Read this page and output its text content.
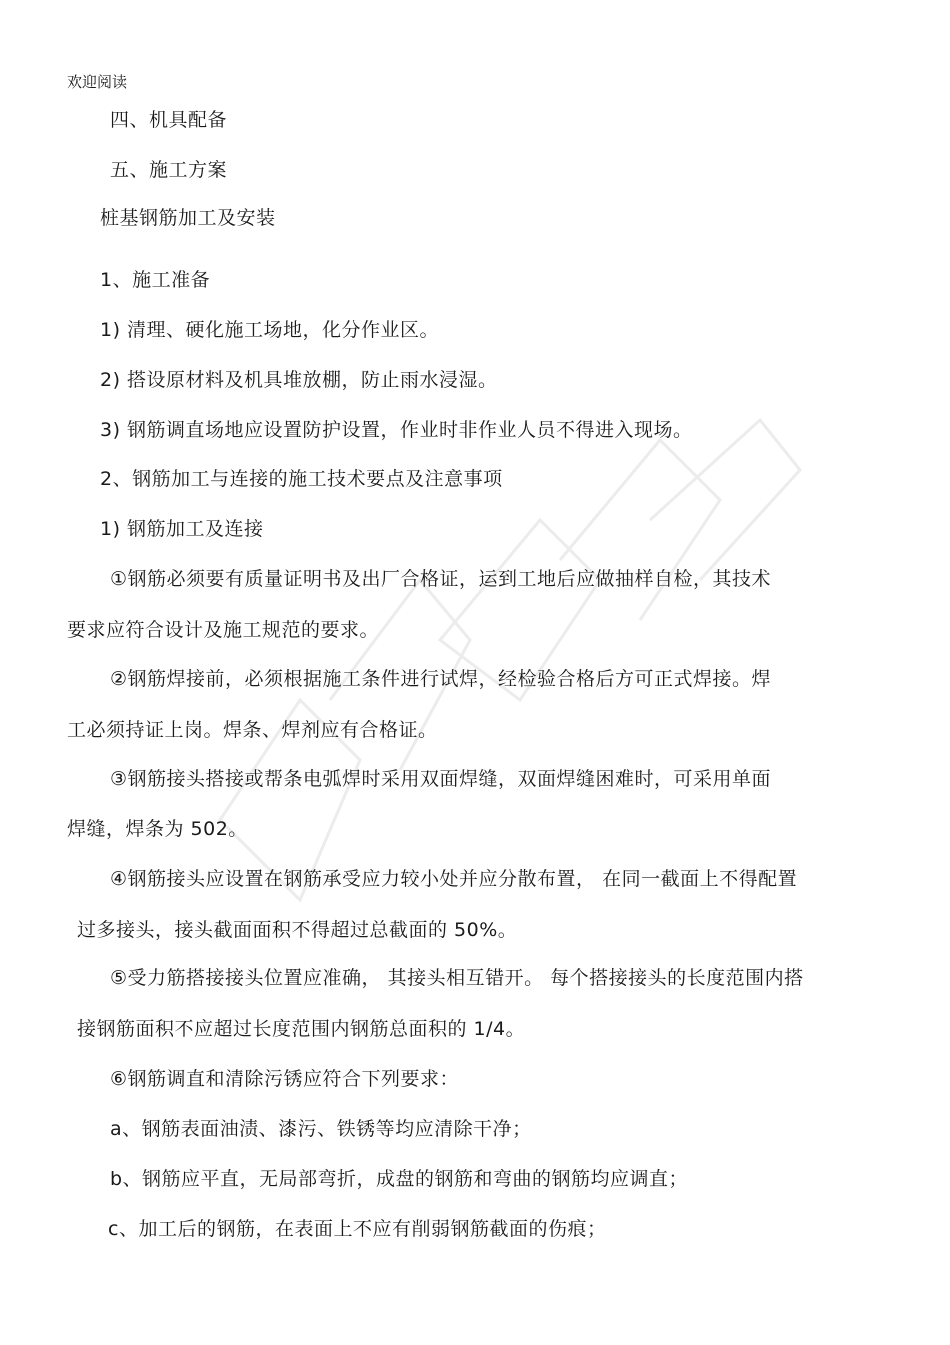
欢迎阅读
四、机具配备
五、施工方案
桩基钢筋加工及安装
1、施工准备
1) 清理、硬化施工场地，化分作业区。
2) 搭设原材料及机具堆放棚，防止雨水浸湿。
3) 钢筋调直场地应设置防护设置，作业时非作业人员不得进入现场。
2、钢筋加工与连接的施工技术要点及注意事项
1) 钢筋加工及连接
①钢筋必须要有质量证明书及出厂合格证，运到工地后应做抽样自检，其技术
要求应符合设计及施工规范的要求。
②钢筋焊接前，必须根据施工条件进行试焊，经检验合格后方可正式焊接。焊
工必须持证上岗。焊条、焊剂应有合格证。
③钢筋接头搭接或帮条电弧焊时采用双面焊缝，双面焊缝困难时，可采用单面
焊缝，焊条为 502。
④钢筋接头应设置在钢筋承受应力较小处并应分散布置， 在同一截面上不得配置
过多接头，接头截面面积不得超过总截面的 50%。
⑤受力筋搭接接头位置应准确， 其接头相互错开。 每个搭接接头的长度范围内搭
接钢筋面积不应超过长度范围内钢筋总面积的 1/4。
⑥钢筋调直和清除污锈应符合下列要求：
a、钢筋表面油渍、漆污、铁锈等均应清除干净；
b、钢筋应平直，无局部弯折，成盘的钢筋和弯曲的钢筋均应调直；
c、加工后的钢筋，在表面上不应有削弱钢筋截面的伤痕；
